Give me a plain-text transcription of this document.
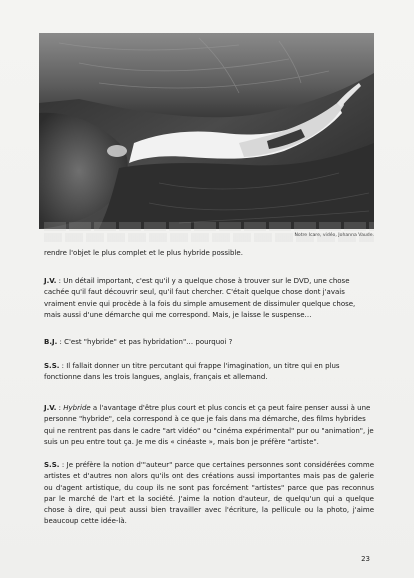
Notre Icare, vidéo, Johanna Vaude.

rendre l'objet le plus complet et le plus hybride possible.

J.V. : Un détail important, c'est qu'il y a quelque chose à trouver sur le DVD, une chose cachée qu'il faut découvrir seul, qu'il faut chercher. C'était quelque chose dont j'avais vraiment envie qui procède à la fois du simple amusement de dissimuler quelque chose, mais aussi d'une démarche qui me correspond. Mais, je laisse le suspense…

B.J. : C'est "hybride" et pas hybridation"… pourquoi ?

S.S. : Il fallait donner un titre percutant qui frappe l'imagination, un titre qui en plus fonctionne dans les trois langues, anglais, français et allemand.

J.V. : Hybride a l'avantage d'être plus court et plus concis et ça peut faire penser aussi à une personne "hybride", cela correspond à ce que je fais dans ma démarche, des films hybrides qui ne rentrent pas dans le cadre "art vidéo" ou "cinéma expérimental" pur ou "animation", je suis un peu entre tout ça. Je me dis « cinéaste », mais bon je préfère "artiste".

S.S. : Je préfère la notion d'"auteur" parce que certaines personnes sont considérées comme artistes et d'autres non alors qu'ils ont des créations aussi importantes mais pas de galerie ou d'agent artistique, du coup ils ne sont pas forcément "artistes" parce que pas reconnus par le marché de l'art et la société. J'aime la notion d'auteur, de quelqu'un qui a quelque chose à dire, qui peut aussi bien travailler avec l'écriture, la pellicule ou la photo, j'aime beaucoup cette idée-là.

23
